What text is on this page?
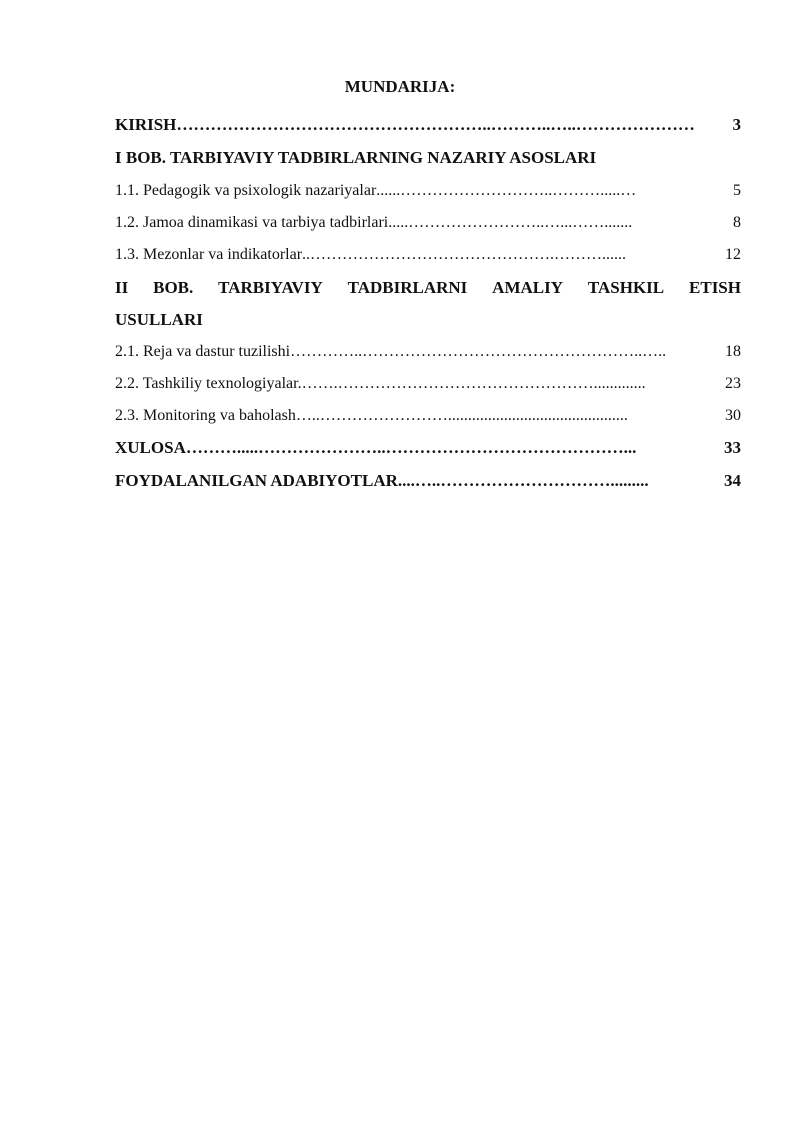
MUNDARIJA:
KIRISH ………………………………………………..………..…..…………………	3
I BOB. TARBIYAVIY TADBIRLARNING NAZARIY ASOSLARI
1.1. Pedagogik va psixologik nazariyalar ......………………………..……….....…	5
1.2. Jamoa dinamikasi va tarbiya tadbirlari .....……………………..…...…….......	8
1.3. Mezonlar va indikatorlar ..……………………………………….………......	12
II BOB. TARBIYAVIY TADBIRLARNI AMALIY TASHKIL ETISH
USULLARI
2.1. Reja va dastur tuzilishi …………..……………………………………………..…..	18
2.2. Tashkiliy texnologiyalar. …….………………………………………….............	23
2.3. Monitoring va baholash …..…………………….............................................	30
XULOSA ……….....…………………..……………………………………...	33
FOYDALANILGAN ADABIYOTLAR ....…..………………………….........	34
